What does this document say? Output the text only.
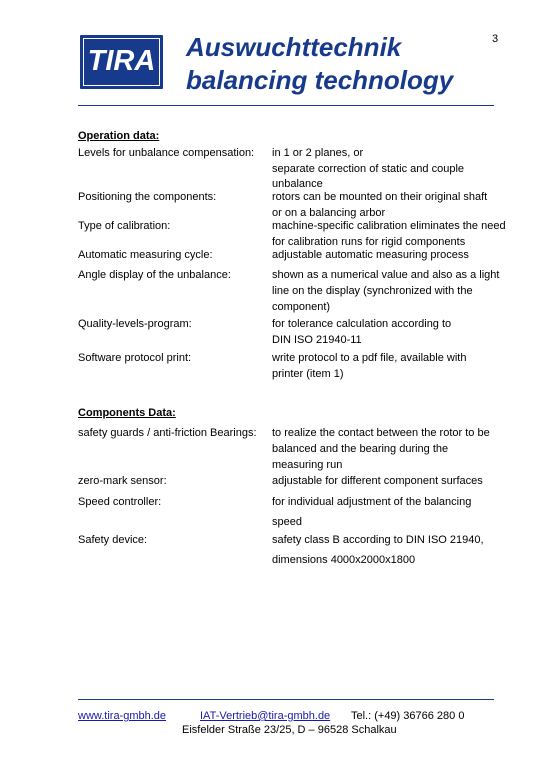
TIRA Auswuchttechnik
balancing technology
3
Operation data:
Levels for unbalance compensation: in 1 or 2 planes, or
separate correction of static and couple
unbalance
Positioning the components:	rotors can be mounted on their original shaft
or on a balancing arbor
Type of calibration:	machine-specific calibration eliminates the need
for calibration runs for rigid components
Automatic measuring cycle:	adjustable automatic measuring process
Angle display of the unbalance:	shown as a numerical value and also as a light
line on the display (synchronized with the
component)
Quality-levels-program:	for tolerance calculation according to
DIN ISO 21940-11
Software protocol print:	write protocol to a pdf file, available with
printer (item 1)
Components Data:
safety guards / anti-friction Bearings: to realize the contact between the rotor to be
balanced and the bearing during the
measuring run
zero-mark sensor:	adjustable for different component surfaces
Speed controller:	for individual adjustment of the balancing
speed
Safety device:	safety class B according to DIN ISO 21940,
dimensions 4000x2000x1800
www.tira-gmbh.de	IAT-Vertrieb@tira-gmbh.de Tel.: (+49) 36766 280 0
Eisfelder Straße 23/25, D – 96528 Schalkau
